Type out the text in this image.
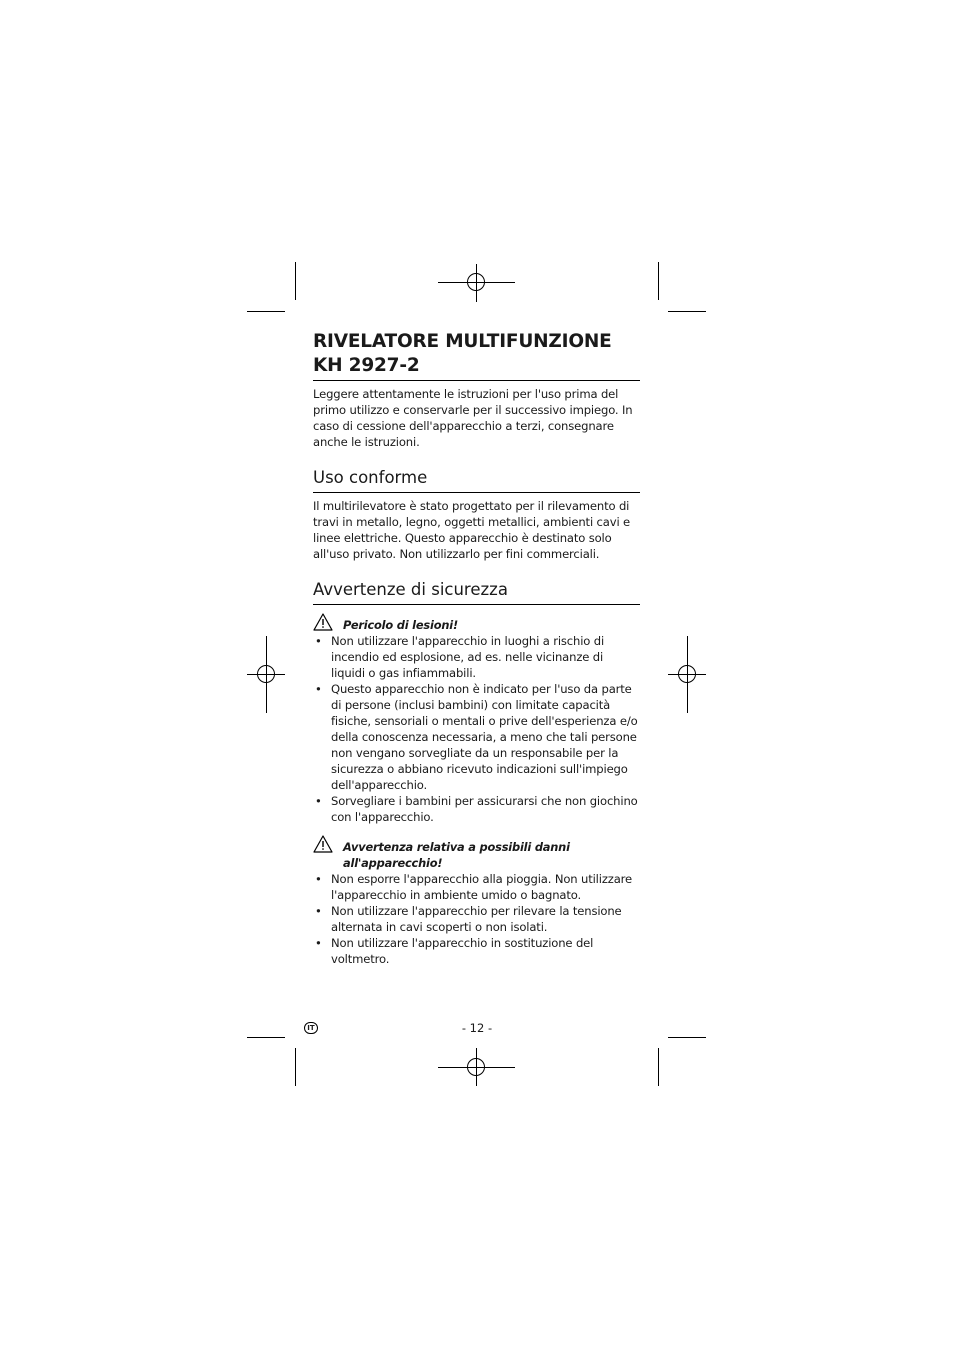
RIVELATORE MULTIFUNZIONE
KH 2927-2

Leggere attentamente le istruzioni per l'uso prima del primo utilizzo e conservarle per il successivo impiego. In caso di cessione dell'apparecchio a terzi, consegnare anche le istruzioni.

Uso conforme

Il multirilevatore è stato progettato per il rilevamento di travi in metallo, legno, oggetti metallici, ambienti cavi e linee elettriche. Questo apparecchio è destinato solo all'uso privato. Non utilizzarlo per fini commerciali.

Avvertenze di sicurezza
Pericolo di lesioni!
• Non utilizzare l'apparecchio in luoghi a rischio di incendio ed esplosione, ad es. nelle vicinanze di liquidi o gas infiammabili.
• Questo apparecchio non è indicato per l'uso da parte di persone (inclusi bambini) con limitate capacità fisiche, sensoriali o mentali o prive dell'esperienza e/o della conoscenza necessaria, a meno che tali persone non vengano sorvegliate da un responsabile per la sicurezza o abbiano ricevuto indicazioni sull'impiego dell'apparecchio.
• Sorvegliare i bambini per assicurarsi che non giochino con l'apparecchio.
Avvertenza relativa a possibili danni all'apparecchio!
• Non esporre l'apparecchio alla pioggia. Non utilizzare l'apparecchio in ambiente umido o bagnato.
• Non utilizzare l'apparecchio per rilevare la tensione alternata in cavi scoperti o non isolati.
• Non utilizzare l'apparecchio in sostituzione del voltmetro.
IT	- 12 -
